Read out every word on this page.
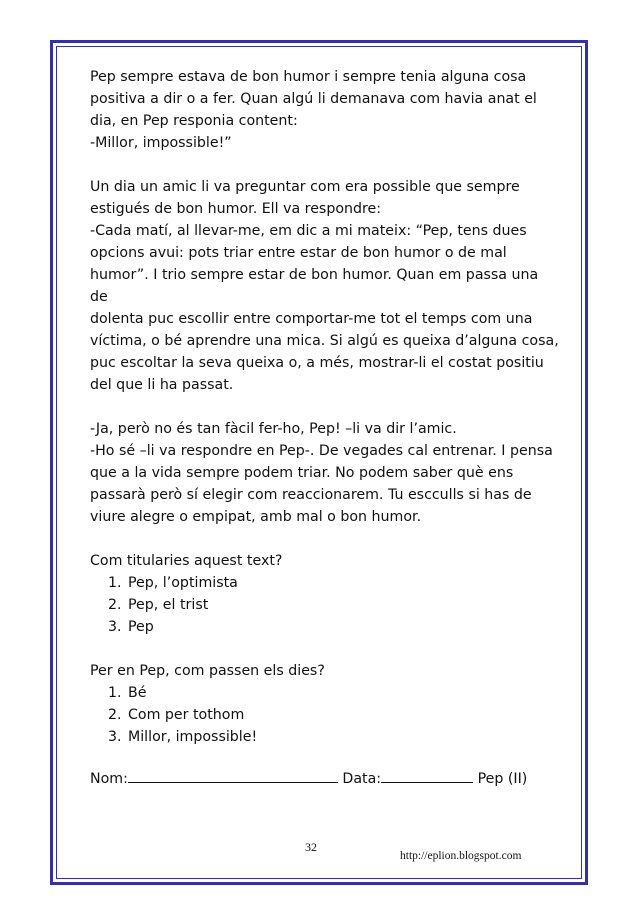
Pep sempre estava de bon humor i sempre tenia alguna cosa

positiva a dir o a fer. Quan algú li demanava com havia anat el

dia, en Pep responia content:

-Millor, impossible!”

Un dia un amic li va preguntar com era possible que sempre

estigués de bon humor. Ell va respondre:

-Cada matí, al llevar-me, em dic a mi mateix: “Pep, tens dues

opcions avui: pots triar entre estar de bon humor o de mal

humor”. I trio sempre estar de bon humor. Quan em passa una de

dolenta puc escollir entre comportar-me tot el temps com una

víctima, o bé aprendre una mica. Si algú es queixa d’alguna cosa,

puc escoltar la seva queixa o, a més, mostrar-li el costat positiu

del que li ha passat.

-Ja, però no és tan fàcil fer-ho, Pep! –li va dir l’amic.

-Ho sé –li va respondre en Pep-. De vegades cal entrenar. I pensa

que a la vida sempre podem triar. No podem saber què ens

passarà però sí elegir com reaccionarem. Tu escculls si has de

viure alegre o empipat, amb mal o bon humor.

Com titularies aquest text?

1. Pep, l’optimista
2. Pep, el trist
3. Pep

Per en Pep, com passen els dies?

1. Bé
2. Com per tothom
3. Millor, impossible!
Nom:	Data:	Pep (II)
32
http://eplion.blogspot.com
